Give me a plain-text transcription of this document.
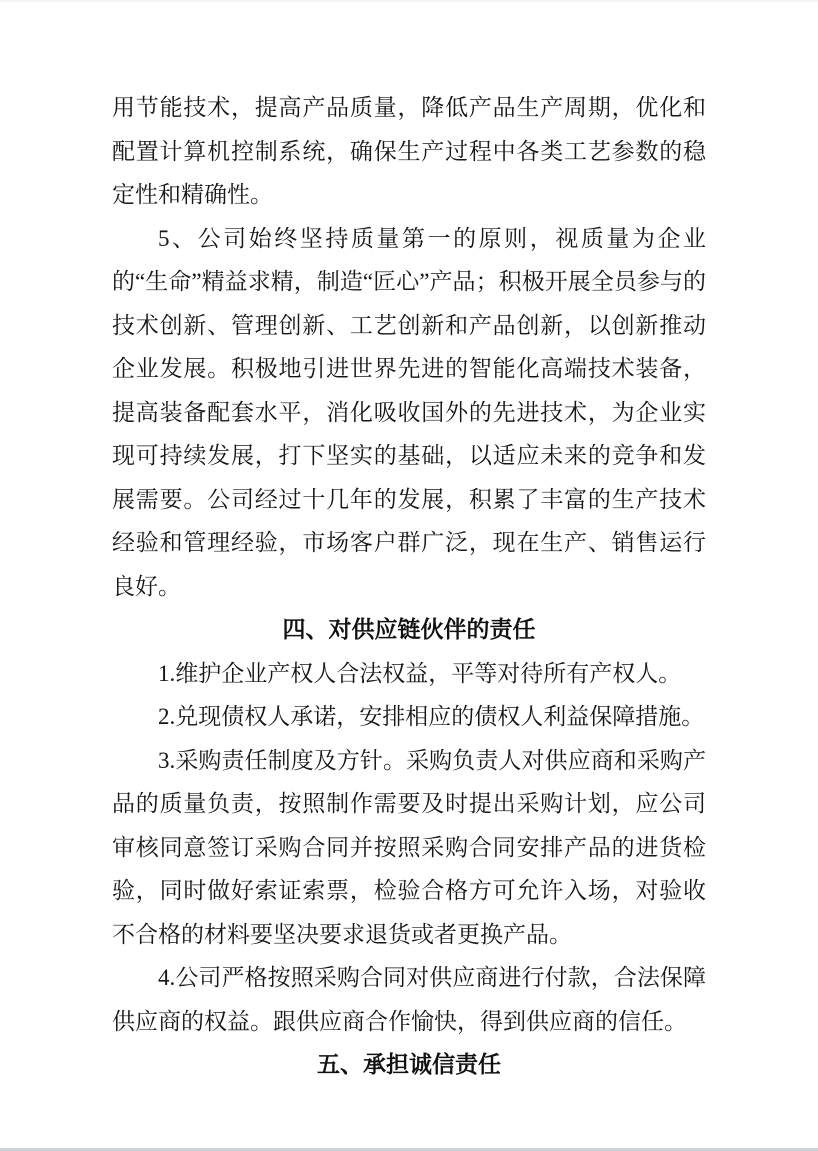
用节能技术，提高产品质量，降低产品生产周期，优化和配置计算机控制系统，确保生产过程中各类工艺参数的稳定性和精确性。

5、公司始终坚持质量第一的原则，视质量为企业的“生命”精益求精，制造“匠心”产品；积极开展全员参与的技术创新、管理创新、工艺创新和产品创新，以创新推动企业发展。积极地引进世界先进的智能化高端技术装备，提高装备配套水平，消化吸收国外的先进技术，为企业实现可持续发展，打下坚实的基础，以适应未来的竞争和发展需要。公司经过十几年的发展，积累了丰富的生产技术经验和管理经验，市场客户群广泛，现在生产、销售运行良好。

四、对供应链伙伴的责任

1.维护企业产权人合法权益，平等对待所有产权人。

2.兑现债权人承诺，安排相应的债权人利益保障措施。

3.采购责任制度及方针。采购负责人对供应商和采购产品的质量负责，按照制作需要及时提出采购计划，应公司审核同意签订采购合同并按照采购合同安排产品的进货检验，同时做好索证索票，检验合格方可允许入场，对验收不合格的材料要坚决要求退货或者更换产品。

4.公司严格按照采购合同对供应商进行付款，合法保障供应商的权益。跟供应商合作愉快，得到供应商的信任。

五、承担诚信责任
